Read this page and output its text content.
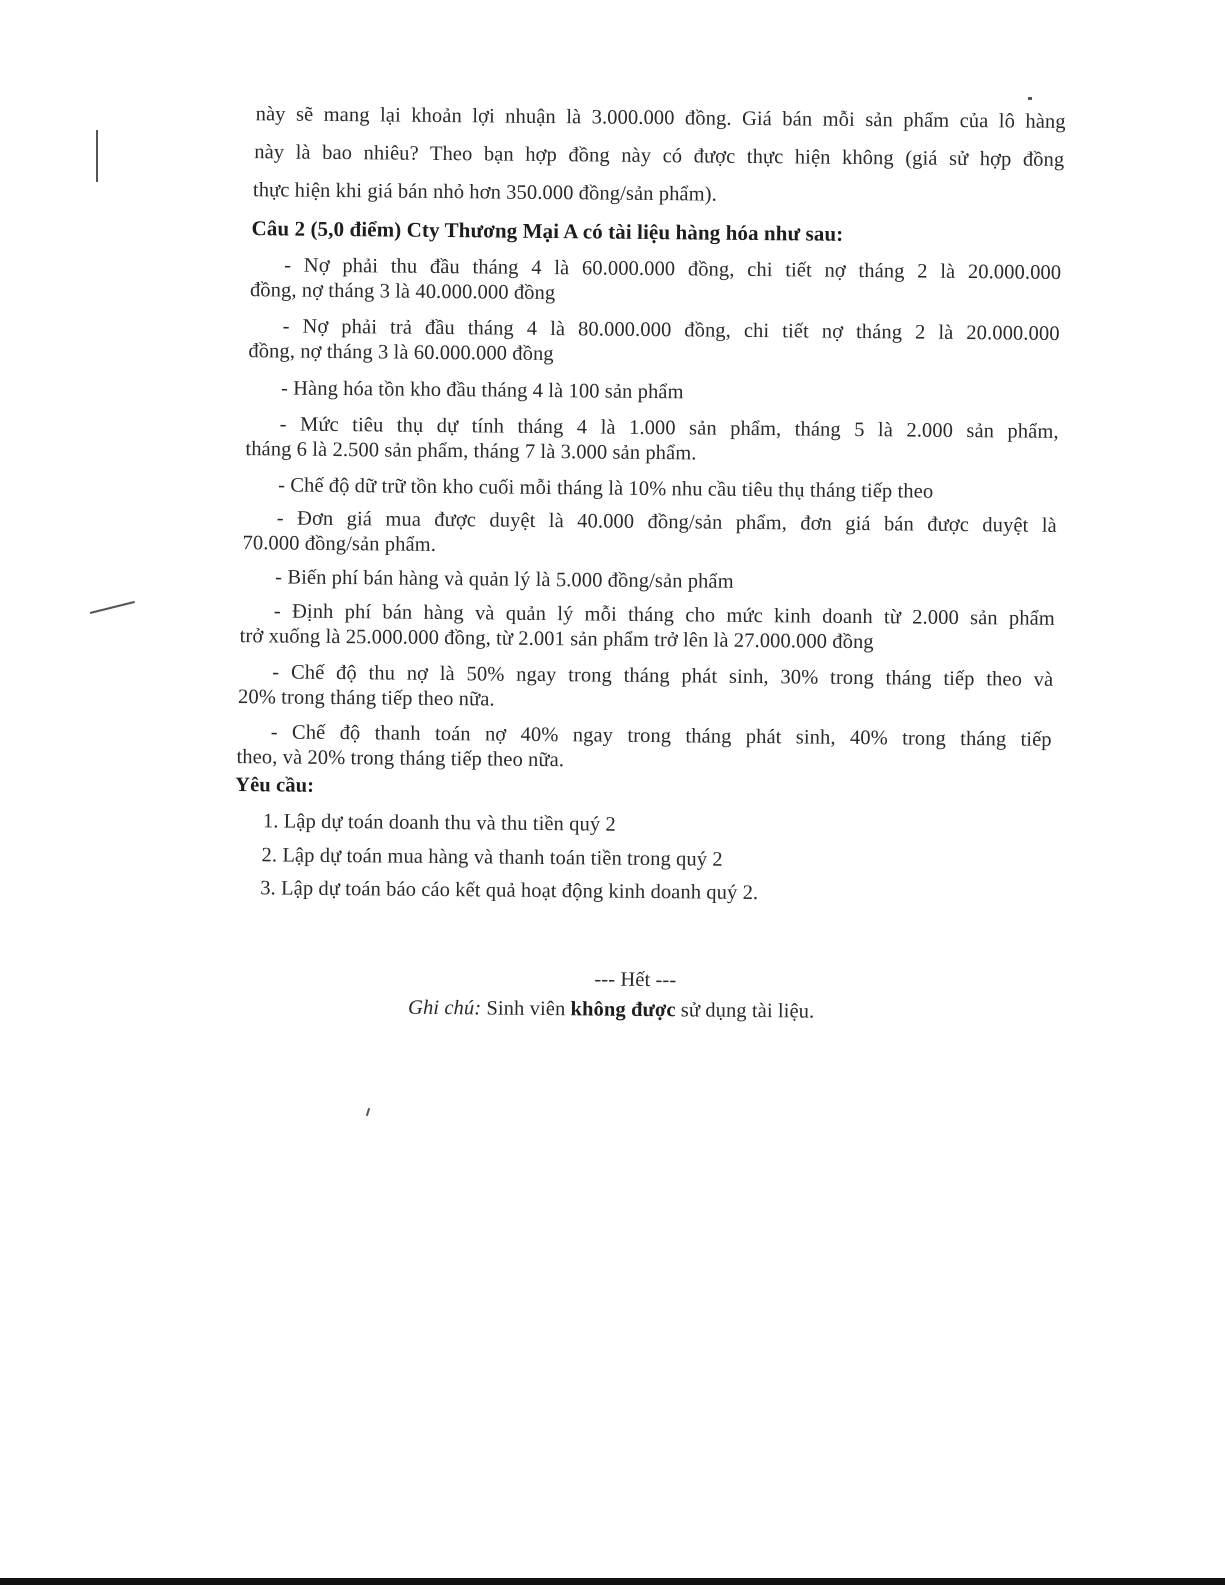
này sẽ mang lại khoản lợi nhuận là 3.000.000 đồng. Giá bán mỗi sản phẩm của lô hàng
này là bao nhiêu? Theo bạn hợp đồng này có được thực hiện không (giá sử hợp đồng
thực hiện khi giá bán nhỏ hơn 350.000 đồng/sản phẩm).
Câu 2 (5,0 điểm) Cty Thương Mại A có tài liệu hàng hóa như sau:
- Nợ phải thu đầu tháng 4 là 60.000.000 đồng, chi tiết nợ tháng 2 là 20.000.000
đồng, nợ tháng 3 là 40.000.000 đồng
- Nợ phải trả đầu tháng 4 là 80.000.000 đồng, chi tiết nợ tháng 2 là 20.000.000
đồng, nợ tháng 3 là 60.000.000 đồng
- Hàng hóa tồn kho đầu tháng 4 là 100 sản phẩm
- Mức tiêu thụ dự tính tháng 4 là 1.000 sản phẩm, tháng 5 là 2.000 sản phẩm,
tháng 6 là 2.500 sản phẩm, tháng 7 là 3.000 sản phẩm.
- Chế độ dữ trữ tồn kho cuối mỗi tháng là 10% nhu cầu tiêu thụ tháng tiếp theo
- Đơn giá mua được duyệt là 40.000 đồng/sản phẩm, đơn giá bán được duyệt là
70.000 đồng/sản phẩm.
- Biến phí bán hàng và quản lý là 5.000 đồng/sản phẩm
- Định phí bán hàng và quản lý mỗi tháng cho mức kinh doanh từ 2.000 sản phẩm
trở xuống là 25.000.000 đồng, từ 2.001 sản phẩm trở lên là 27.000.000 đồng
- Chế độ thu nợ là 50% ngay trong tháng phát sinh, 30% trong tháng tiếp theo và
20% trong tháng tiếp theo nữa.
- Chế độ thanh toán nợ 40% ngay trong tháng phát sinh, 40% trong tháng tiếp
theo, và 20% trong tháng tiếp theo nữa.
Yêu cầu:
1. Lập dự toán doanh thu và thu tiền quý 2
2. Lập dự toán mua hàng và thanh toán tiền trong quý 2
3. Lập dự toán báo cáo kết quả hoạt động kinh doanh quý 2.
--- Hết ---
Ghi chú: Sinh viên không được sử dụng tài liệu.
